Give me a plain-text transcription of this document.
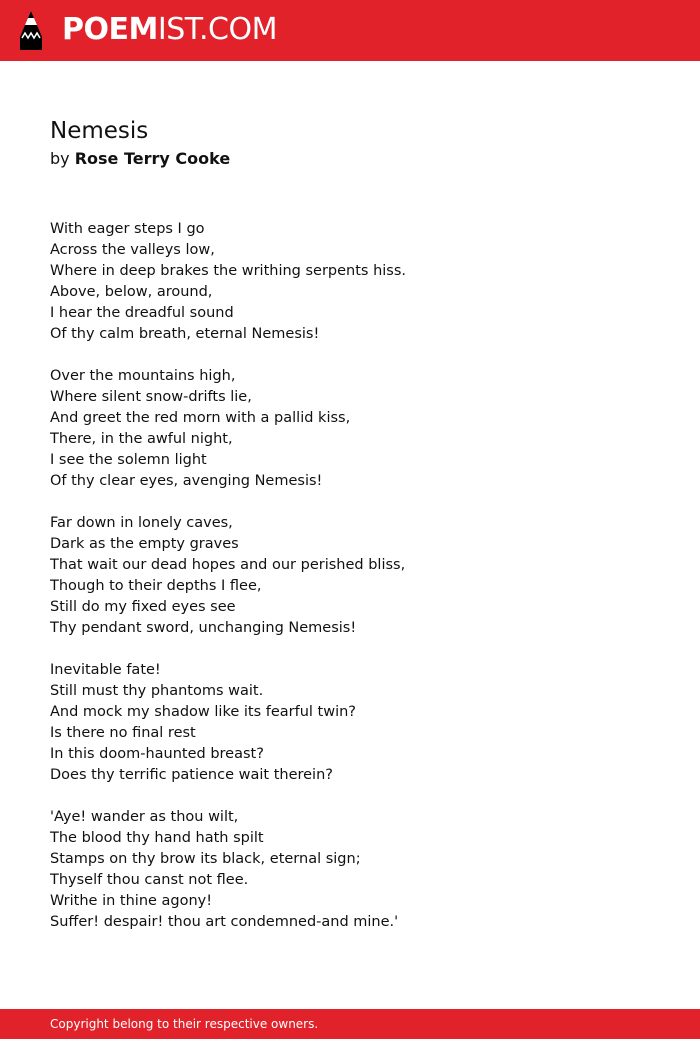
POEMIST.COM
Nemesis
by Rose Terry Cooke
With eager steps I go
Across the valleys low,
Where in deep brakes the writhing serpents hiss.
Above, below, around,
I hear the dreadful sound
Of thy calm breath, eternal Nemesis!
Over the mountains high,
Where silent snow-drifts lie,
And greet the red morn with a pallid kiss,
There, in the awful night,
I see the solemn light
Of thy clear eyes, avenging Nemesis!
Far down in lonely caves,
Dark as the empty graves
That wait our dead hopes and our perished bliss,
Though to their depths I flee,
Still do my fixed eyes see
Thy pendant sword, unchanging Nemesis!
Inevitable fate!
Still must thy phantoms wait.
And mock my shadow like its fearful twin?
Is there no final rest
In this doom-haunted breast?
Does thy terrific patience wait therein?
'Aye! wander as thou wilt,
The blood thy hand hath spilt
Stamps on thy brow its black, eternal sign;
Thyself thou canst not flee.
Writhe in thine agony!
Suffer! despair! thou art condemned-and mine.'
Copyright belong to their respective owners.
